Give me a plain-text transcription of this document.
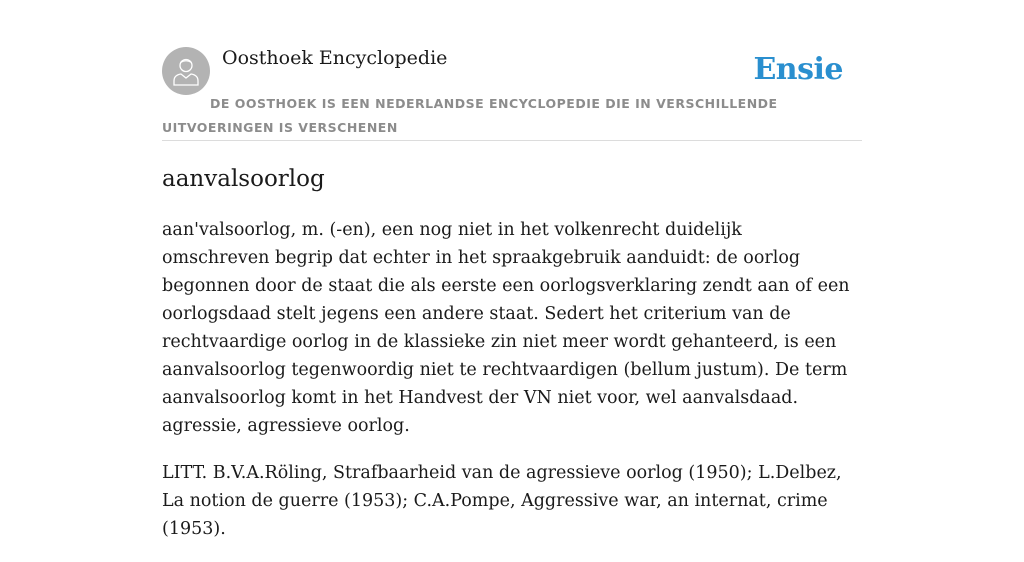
Oosthoek Encyclopedie	Ensie
DE OOSTHOEK IS EEN NEDERLANDSE ENCYCLOPEDIE DIE IN VERSCHILLENDE UITVOERINGEN IS VERSCHENEN
aanvalsoorlog

aan'valsoorlog, m. (-en), een nog niet in het volkenrecht duidelijk omschreven begrip dat echter in het spraakgebruik aanduidt: de oorlog begonnen door de staat die als eerste een oorlogsverklaring zendt aan of een oorlogsdaad stelt jegens een andere staat. Sedert het criterium van de rechtvaardige oorlog in de klassieke zin niet meer wordt gehanteerd, is een aanvalsoorlog tegenwoordig niet te rechtvaardigen (bellum justum). De term aanvalsoorlog komt in het Handvest der VN niet voor, wel aanvalsdaad. agressie, agressieve oorlog.

LITT. B.V.A.Röling, Strafbaarheid van de agressieve oorlog (1950); L.Delbez, La notion de guerre (1953); C.A.Pompe, Aggressive war, an internat, crime (1953).
